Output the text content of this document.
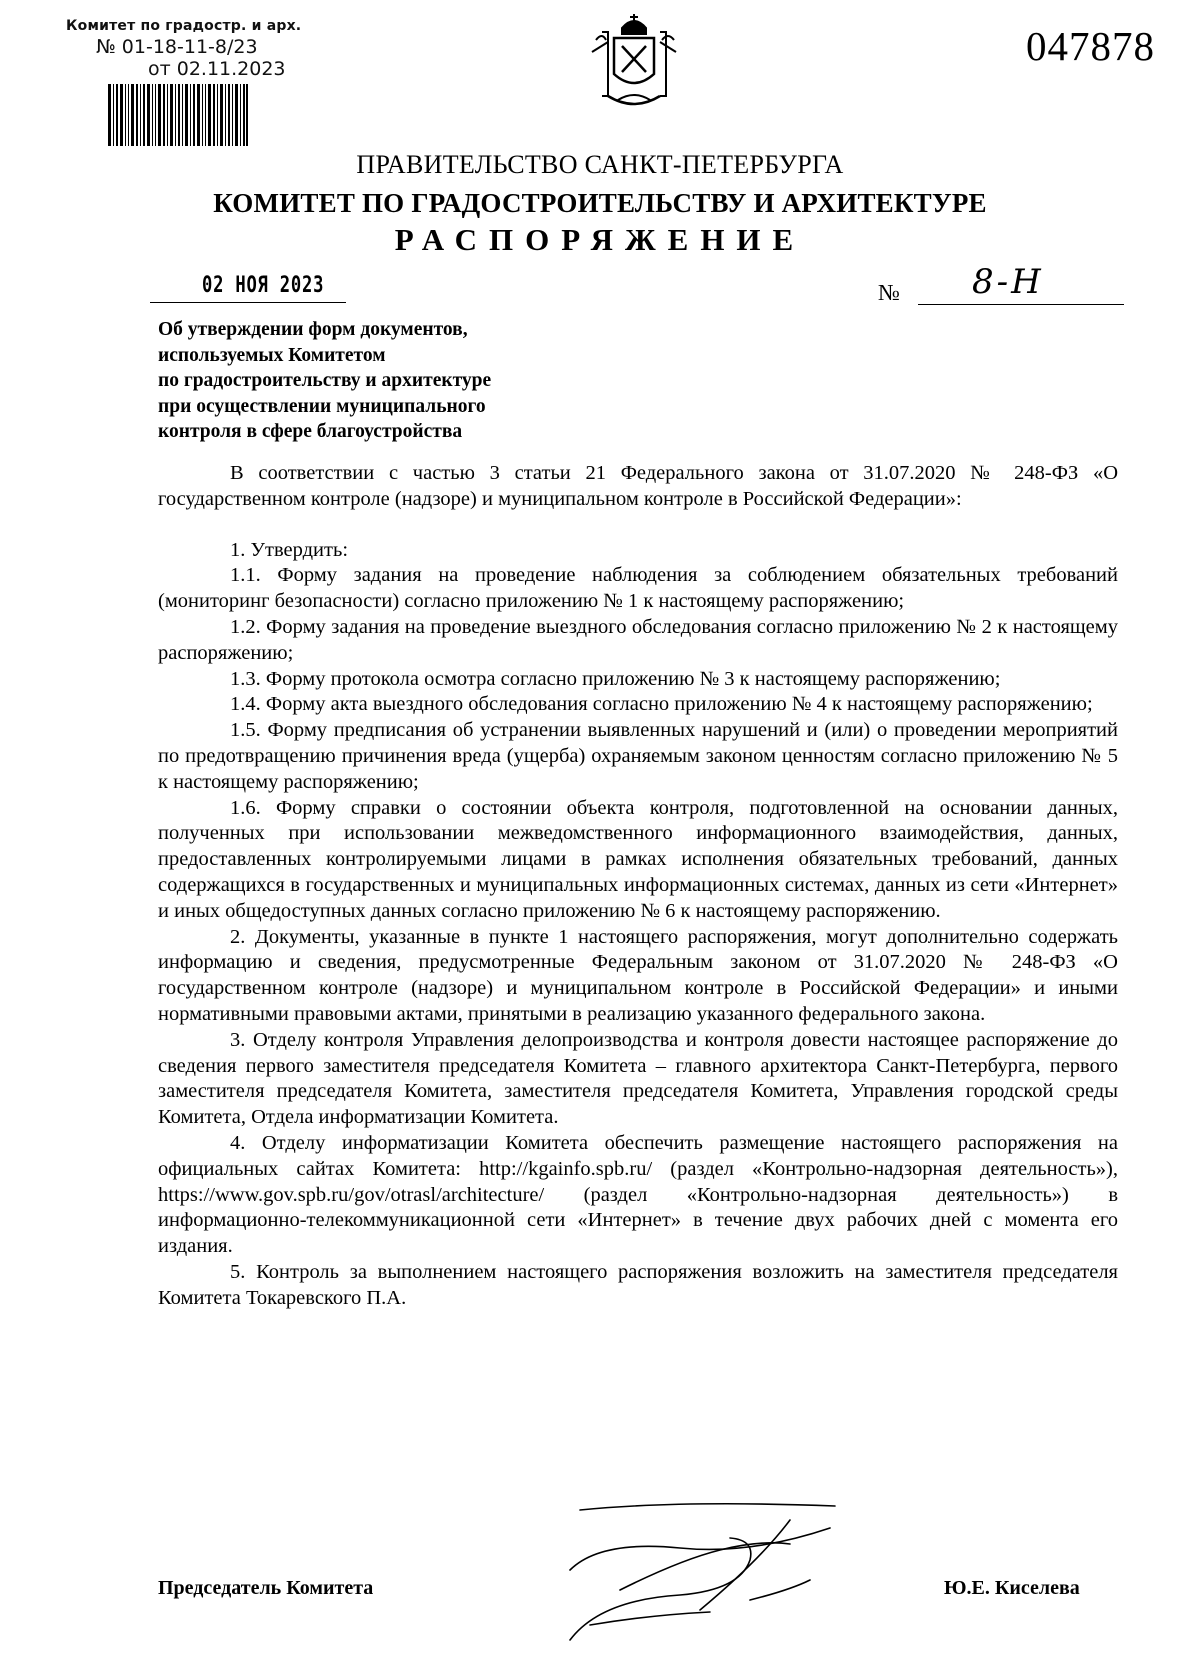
Комитет по градостр. и арх.
№ 01-18-11-8/23
от 02.11.2023	047878
ПРАВИТЕЛЬСТВО САНКТ-ПЕТЕРБУРГА
КОМИТЕТ ПО ГРАДОСТРОИТЕЛЬСТВУ И АРХИТЕКТУРЕ
РАСПОРЯЖЕНИЕ
02 НОЯ 2023	№ 8-Н
Об утверждении форм документов,
используемых Комитетом
по градостроительству и архитектуре
при осуществлении муниципального
контроля в сфере благоустройства

В соответствии с частью 3 статьи 21 Федерального закона от 31.07.2020 № 248-ФЗ «О государственном контроле (надзоре) и муниципальном контроле в Российской Федерации»:

1. Утвердить:

1.1. Форму задания на проведение наблюдения за соблюдением обязательных требований (мониторинг безопасности) согласно приложению № 1 к настоящему распоряжению;

1.2. Форму задания на проведение выездного обследования согласно приложению № 2 к настоящему распоряжению;

1.3. Форму протокола осмотра согласно приложению № 3 к настоящему распоряжению;

1.4. Форму акта выездного обследования согласно приложению № 4 к настоящему распоряжению;

1.5. Форму предписания об устранении выявленных нарушений и (или) о проведении мероприятий по предотвращению причинения вреда (ущерба) охраняемым законом ценностям согласно приложению № 5 к настоящему распоряжению;

1.6. Форму справки о состоянии объекта контроля, подготовленной на основании данных, полученных при использовании межведомственного информационного взаимодействия, данных, предоставленных контролируемыми лицами в рамках исполнения обязательных требований, данных содержащихся в государственных и муниципальных информационных системах, данных из сети «Интернет» и иных общедоступных данных согласно приложению № 6 к настоящему распоряжению.

2. Документы, указанные в пункте 1 настоящего распоряжения, могут дополнительно содержать информацию и сведения, предусмотренные Федеральным законом от 31.07.2020 № 248-ФЗ «О государственном контроле (надзоре) и муниципальном контроле в Российской Федерации» и иными нормативными правовыми актами, принятыми в реализацию указанного федерального закона.

3. Отделу контроля Управления делопроизводства и контроля довести настоящее распоряжение до сведения первого заместителя председателя Комитета – главного архитектора Санкт-Петербурга, первого заместителя председателя Комитета, заместителя председателя Комитета, Управления городской среды Комитета, Отдела информатизации Комитета.

4. Отделу информатизации Комитета обеспечить размещение настоящего распоряжения на официальных сайтах Комитета: http://kgainfo.spb.ru/ (раздел «Контрольно-надзорная деятельность»), https://www.gov.spb.ru/gov/otrasl/architecture/ (раздел «Контрольно-надзорная деятельность») в информационно-телекоммуникационной сети «Интернет» в течение двух рабочих дней с момента его издания.

5. Контроль за выполнением настоящего распоряжения возложить на заместителя председателя Комитета Токаревского П.А.

Председатель Комитета	Ю.Е. Киселева
